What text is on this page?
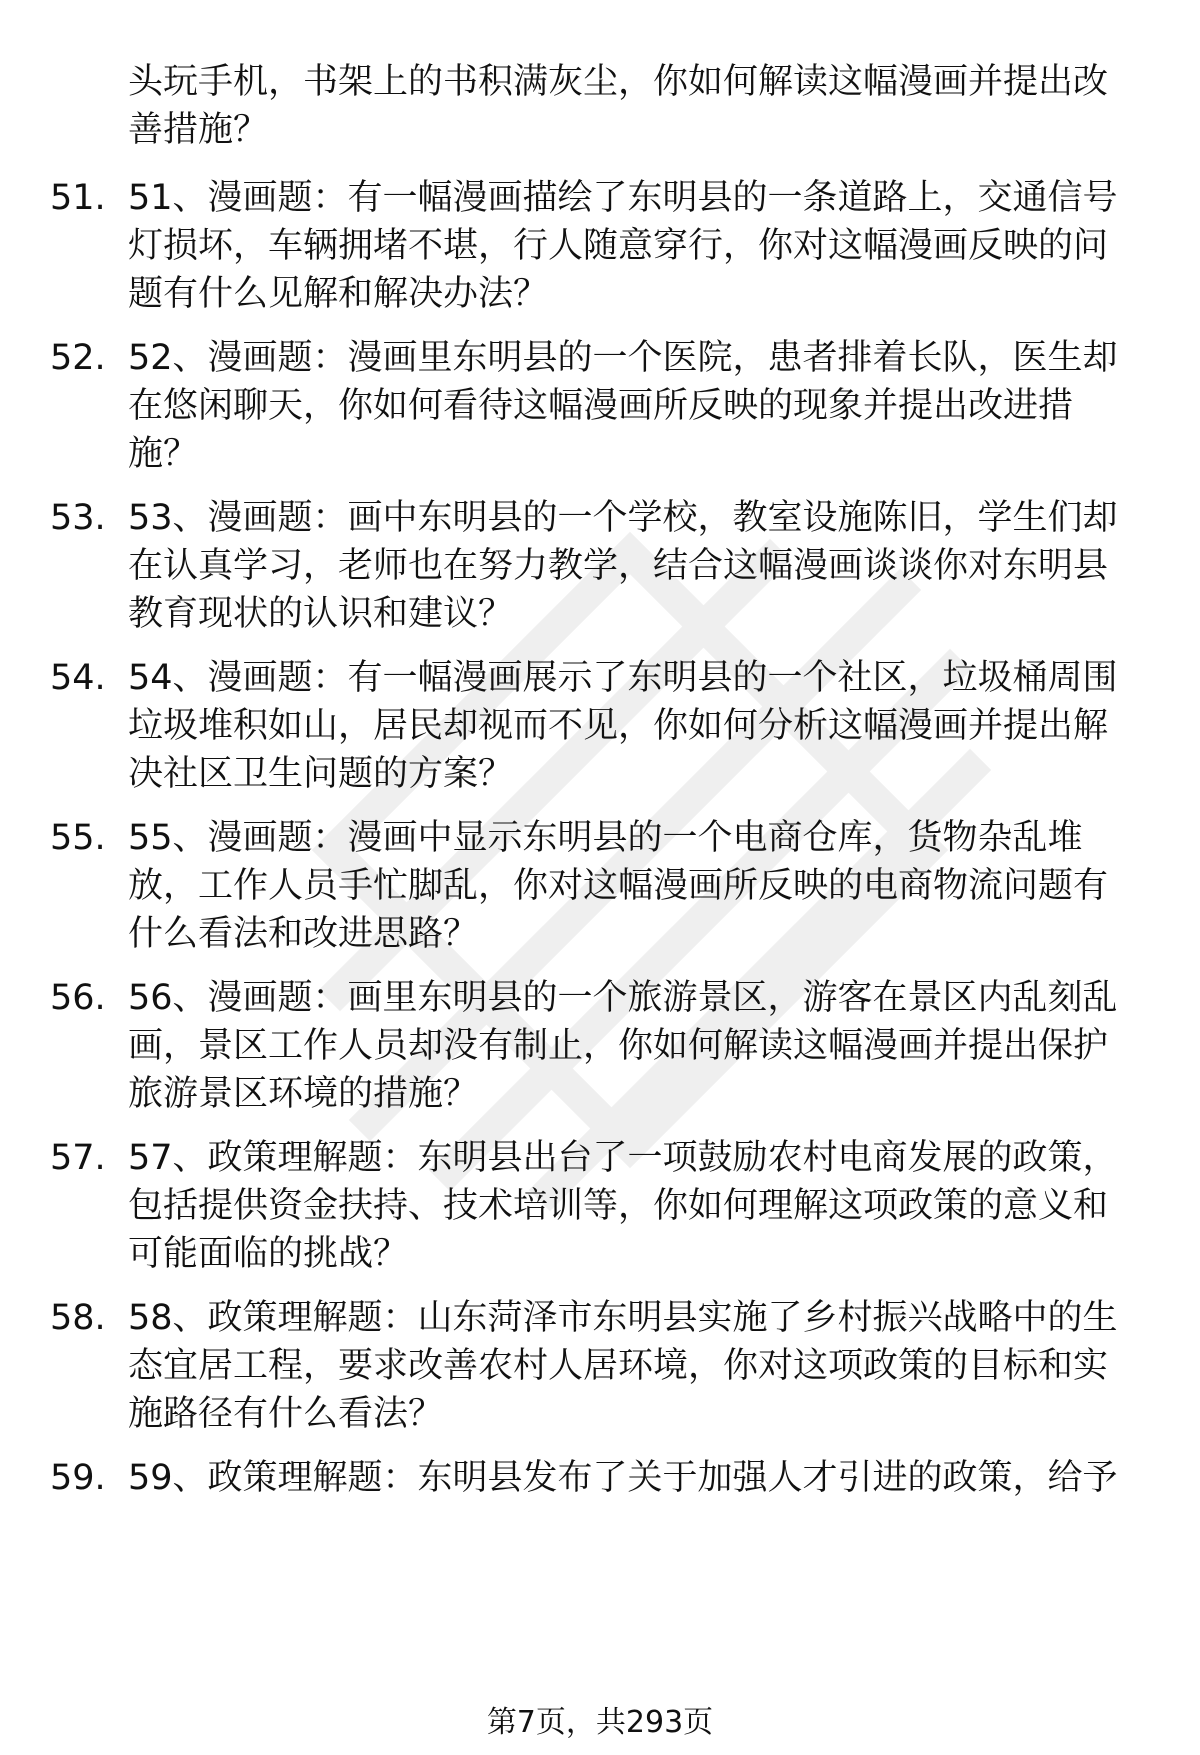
头玩手机，书架上的书积满灰尘，你如何解读这幅漫画并提出改善措施？
51. 51、漫画题：有一幅漫画描绘了东明县的一条道路上，交通信号灯损坏，车辆拥堵不堪，行人随意穿行，你对这幅漫画反映的问题有什么见解和解决办法？
52. 52、漫画题：漫画里东明县的一个医院，患者排着长队，医生却在悠闲聊天，你如何看待这幅漫画所反映的现象并提出改进措施？
53. 53、漫画题：画中东明县的一个学校，教室设施陈旧，学生们却在认真学习，老师也在努力教学，结合这幅漫画谈谈你对东明县教育现状的认识和建议？
54. 54、漫画题：有一幅漫画展示了东明县的一个社区，垃圾桶周围垃圾堆积如山，居民却视而不见，你如何分析这幅漫画并提出解决社区卫生问题的方案？
55. 55、漫画题：漫画中显示东明县的一个电商仓库，货物杂乱堆放，工作人员手忙脚乱，你对这幅漫画所反映的电商物流问题有什么看法和改进思路？
56. 56、漫画题：画里东明县的一个旅游景区，游客在景区内乱刻乱画，景区工作人员却没有制止，你如何解读这幅漫画并提出保护旅游景区环境的措施？
57. 57、政策理解题：东明县出台了一项鼓励农村电商发展的政策，包括提供资金扶持、技术培训等，你如何理解这项政策的意义和可能面临的挑战？
58. 58、政策理解题：山东菏泽市东明县实施了乡村振兴战略中的生态宜居工程，要求改善农村人居环境，你对这项政策的目标和实施路径有什么看法？
59. 59、政策理解题：东明县发布了关于加强人才引进的政策，给予
第7页，共293页
